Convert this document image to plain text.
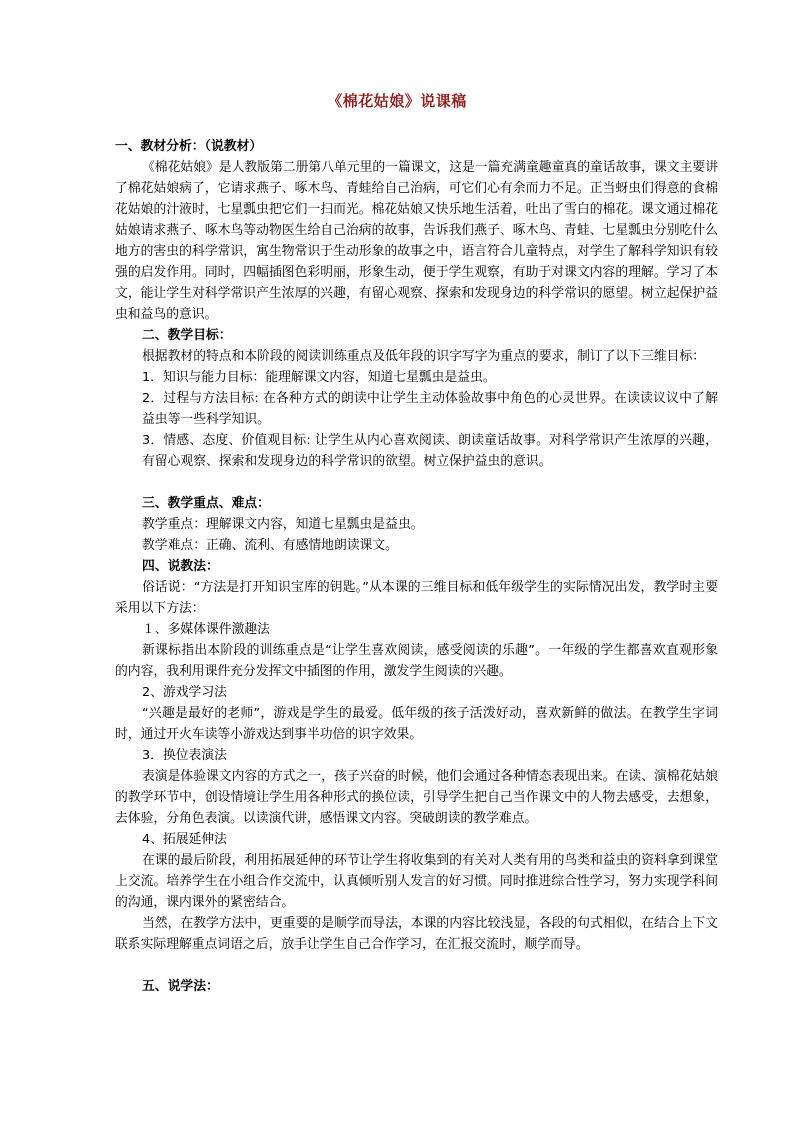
《棉花姑娘》说课稿

一、教材分析：（说教材）

《棉花姑娘》是人教版第二册第八单元里的一篇课文，这是一篇充满童趣童真的童话故事，课文主要讲了棉花姑娘病了，它请求燕子、啄木鸟、青蛙给自己治病，可它们心有余而力不足。正当蚜虫们得意的食棉花姑娘的汁液时，七星瓢虫把它们一扫而光。棉花姑娘又快乐地生活着，吐出了雪白的棉花。课文通过棉花姑娘请求燕子、啄木鸟等动物医生给自己治病的故事，告诉我们燕子、啄木鸟、青蛙、七星瓢虫分别吃什么地方的害虫的科学常识，寓生物常识于生动形象的故事之中，语言符合儿童特点，对学生了解科学知识有较强的启发作用。同时，四幅插图色彩明丽，形象生动，便于学生观察，有助于对课文内容的理解。学习了本文，能让学生对科学常识产生浓厚的兴趣，有留心观察、探索和发现身边的科学常识的愿望。树立起保护益虫和益鸟的意识。

二、教学目标：

根据教材的特点和本阶段的阅读训练重点及低年段的识字写字为重点的要求，制订了以下三维目标：

1．知识与能力目标：能理解课文内容，知道七星瓢虫是益虫。

2．过程与方法目标: 在各种方式的朗读中让学生主动体验故事中角色的心灵世界。在读读议议中了解益虫等一些科学知识。

3．情感、态度、价值观目标: 让学生从内心喜欢阅读、朗读童话故事。对科学常识产生浓厚的兴趣，有留心观察、探索和发现身边的科学常识的欲望。树立保护益虫的意识。

三、教学重点、难点：

教学重点：理解课文内容，知道七星瓢虫是益虫。

教学难点：正确、流利、有感情地朗读课文。

四、说教法：

俗话说：“方法是打开知识宝库的钥匙。”从本课的三维目标和低年级学生的实际情况出发，教学时主要采用以下方法：

１、多媒体课件激趣法

新课标指出本阶段的训练重点是“让学生喜欢阅读，感受阅读的乐趣”。一年级的学生都喜欢直观形象的内容，我利用课件充分发挥文中插图的作用，激发学生阅读的兴趣。

2、游戏学习法

“兴趣是最好的老师”，游戏是学生的最爱。低年级的孩子活泼好动，喜欢新鲜的做法。在教学生字词时，通过开火车读等小游戏达到事半功倍的识字效果。

3．换位表演法

表演是体验课文内容的方式之一，孩子兴奋的时候，他们会通过各种情态表现出来。在读、演棉花姑娘的教学环节中，创设情境让学生用各种形式的换位读，引导学生把自己当作课文中的人物去感受，去想象，去体验，分角色表演。以读演代讲，感悟课文内容。突破朗读的教学难点。

4、拓展延伸法

在课的最后阶段，利用拓展延伸的环节让学生将收集到的有关对人类有用的鸟类和益虫的资料拿到课堂上交流。培养学生在小组合作交流中，认真倾听别人发言的好习惯。同时推进综合性学习，努力实现学科间的沟通，课内课外的紧密结合。

当然，在教学方法中，更重要的是顺学而导法，本课的内容比较浅显，各段的句式相似，在结合上下文联系实际理解重点词语之后，放手让学生自己合作学习，在汇报交流时，顺学而导。

五、说学法：
